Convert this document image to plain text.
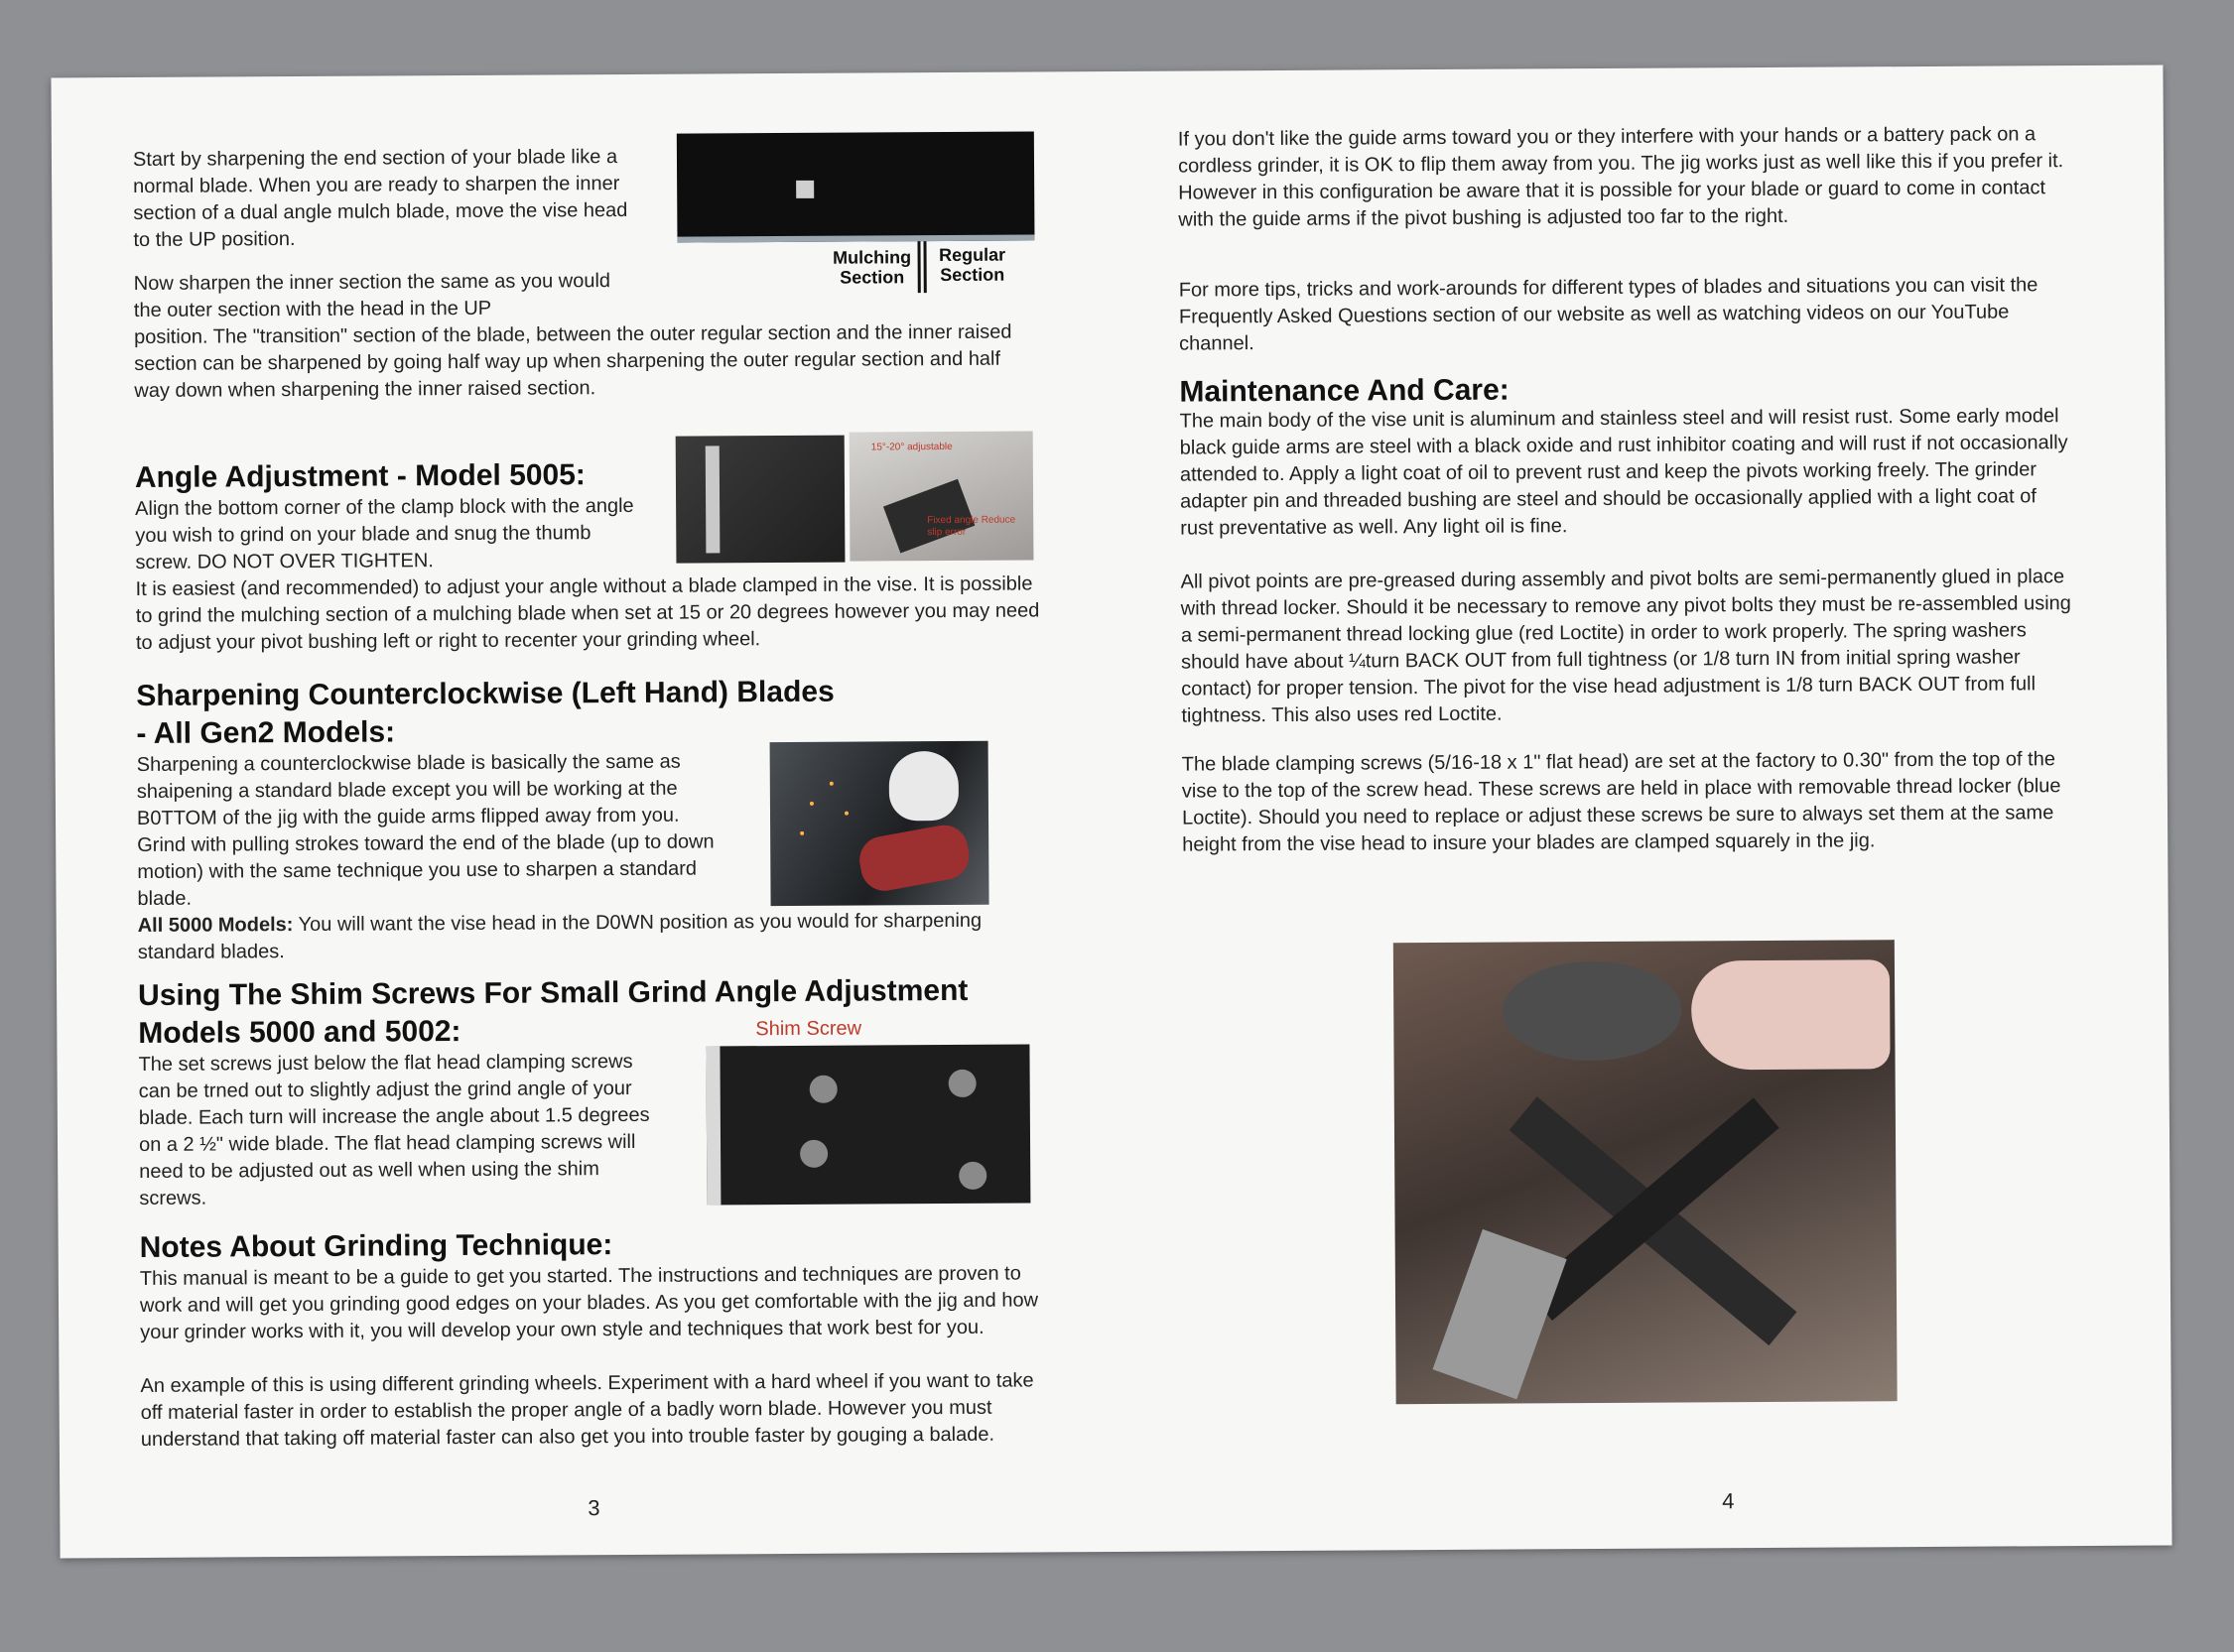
Start by sharpening the end section of your blade like a normal blade. When you are ready to sharpen the inner section of a dual angle mulch blade, move the vise head to the UP position.

Mulching Section
Regular Section

Now sharpen the inner section the same as you would the outer section with the head in the UP

position. The "transition" section of the blade, between the outer regular section and the inner raised section can be sharpened by going half way up when sharpening the outer regular section and half way down when sharpening the inner raised section.

Angle Adjustment - Model 5005:

Align the bottom corner of the clamp block with the angle you wish to grind on your blade and snug the thumb screw. DO NOT OVER TIGHTEN.

15°-20° adjustable
Fixed angle Reduce slip error

It is easiest (and recommended) to adjust your angle without a blade clamped in the vise. It is possible to grind the mulching section of a mulching blade when set at 15 or 20 degrees however you may need to adjust your pivot bushing left or right to recenter your grinding wheel.

Sharpening Counterclockwise (Left Hand) Blades
- All Gen2 Models:

Sharpening a counterclockwise blade is basically the same as shaipening a standard blade except you will be working at the B0TTOM of the jig with the guide arms flipped away from you. Grind with pulling strokes toward the end of the blade (up to down motion) with the same technique you use to sharpen a standard blade.

All 5000 Models: You will want the vise head in the D0WN position as you would for sharpening standard blades.

Using The Shim Screws For Small Grind Angle Adjustment
Models 5000 and 5002:

The set screws just below the flat head clamping screws can be trned out to slightly adjust the grind angle of your blade. Each turn will increase the angle about 1.5 degrees on a 2 ½" wide blade. The flat head clamping screws will need to be adjusted out as well when using the shim screws.

Shim Screw
Notes About Grinding Technique:

This manual is meant to be a guide to get you started. The instructions and techniques are proven to work and will get you grinding good edges on your blades. As you get comfortable with the jig and how your grinder works with it, you will develop your own style and techniques that work best for you.

An example of this is using different grinding wheels. Experiment with a hard wheel if you want to take off material faster in order to establish the proper angle of a badly worn blade. However you must understand that taking off material faster can also get you into trouble faster by gouging a balade.

3

If you don't like the guide arms toward you or they interfere with your hands or a battery pack on a cordless grinder, it is OK to flip them away from you. The jig works just as well like this if you prefer it. However in this configuration be aware that it is possible for your blade or guard to come in contact with the guide arms if the pivot bushing is adjusted too far to the right.

For more tips, tricks and work-arounds for different types of blades and situations you can visit the Frequently Asked Questions section of our website as well as watching videos on our YouTube channel.

Maintenance And Care:

The main body of the vise unit is aluminum and stainless steel and will resist rust. Some early model black guide arms are steel with a black oxide and rust inhibitor coating and will rust if not occasionally attended to. Apply a light coat of oil to prevent rust and keep the pivots working freely. The grinder adapter pin and threaded bushing are steel and should be occasionally applied with a light coat of rust preventative as well. Any light oil is fine.

All pivot points are pre-greased during assembly and pivot bolts are semi-permanently glued in place with thread locker. Should it be necessary to remove any pivot bolts they must be re-assembled using a semi-permanent thread locking glue (red Loctite) in order to work properly. The spring washers should have about ¼turn BACK OUT from full tightness (or 1/8 turn IN from initial spring washer contact) for proper tension. The pivot for the vise head adjustment is 1/8 turn BACK OUT from full tightness. This also uses red Loctite.

The blade clamping screws (5/16-18 x 1" flat head) are set at the factory to 0.30" from the top of the vise to the top of the screw head. These screws are held in place with removable thread locker (blue Loctite). Should you need to replace or adjust these screws be sure to always set them at the same height from the vise head to insure your blades are clamped squarely in the jig.

4
